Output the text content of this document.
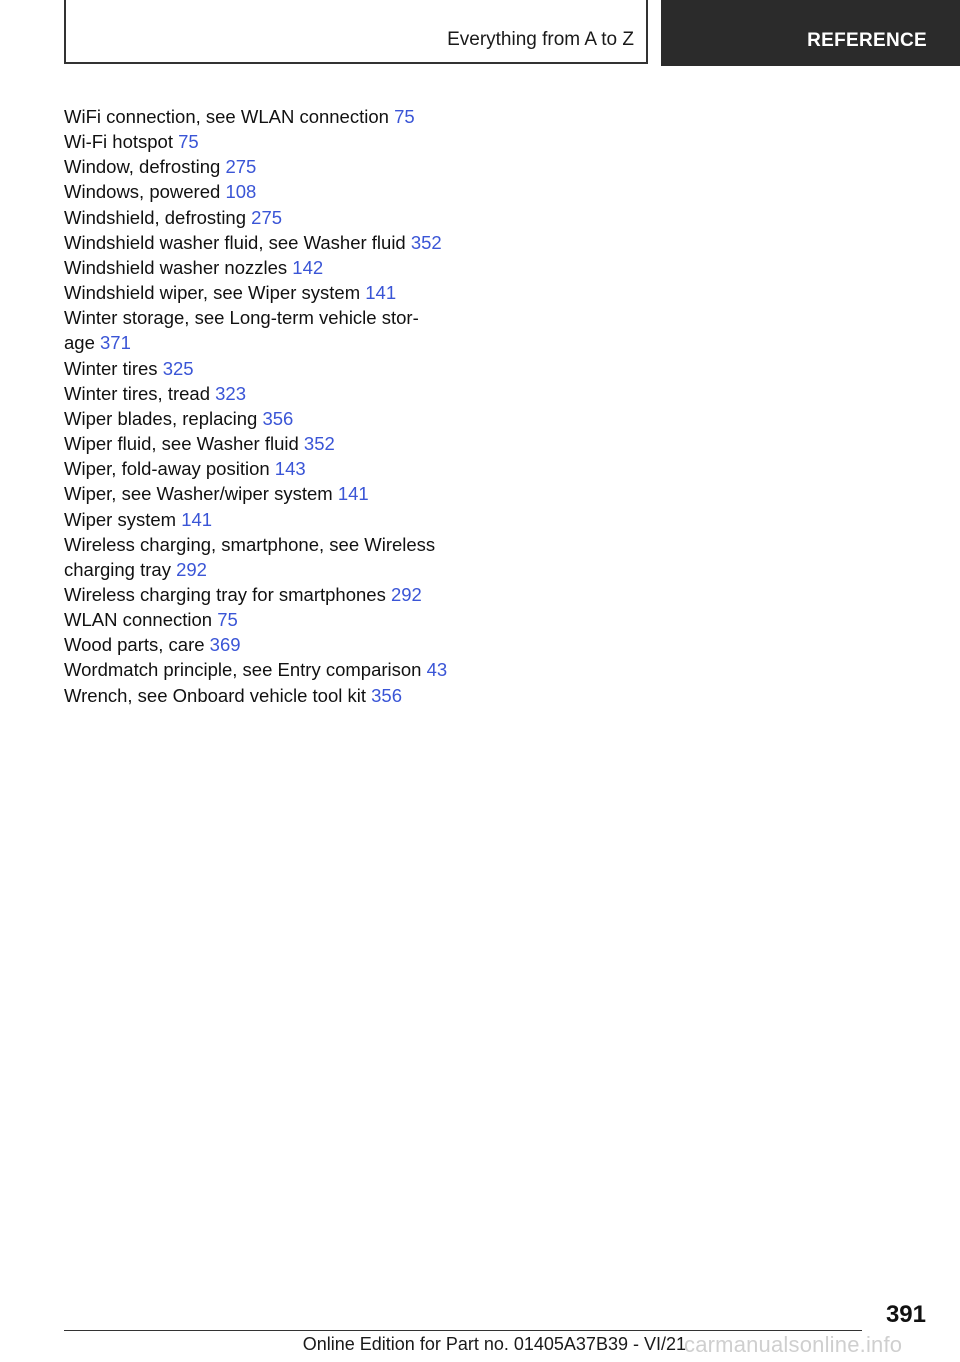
Everything from A to Z	REFERENCE
WiFi connection, see WLAN connection 75
Wi-Fi hotspot 75
Window, defrosting 275
Windows, powered 108
Windshield, defrosting 275
Windshield washer fluid, see Washer fluid 352
Windshield washer nozzles 142
Windshield wiper, see Wiper system 141
Winter storage, see Long-term vehicle stor-
age 371
Winter tires 325
Winter tires, tread 323
Wiper blades, replacing 356
Wiper fluid, see Washer fluid 352
Wiper, fold-away position 143
Wiper, see Washer/wiper system 141
Wiper system 141
Wireless charging, smartphone, see Wireless
charging tray 292
Wireless charging tray for smartphones 292
WLAN connection 75
Wood parts, care 369
Wordmatch principle, see Entry comparison 43
Wrench, see Onboard vehicle tool kit 356
391
Online Edition for Part no. 01405A37B39 - VI/21
carmanualsonline.info
